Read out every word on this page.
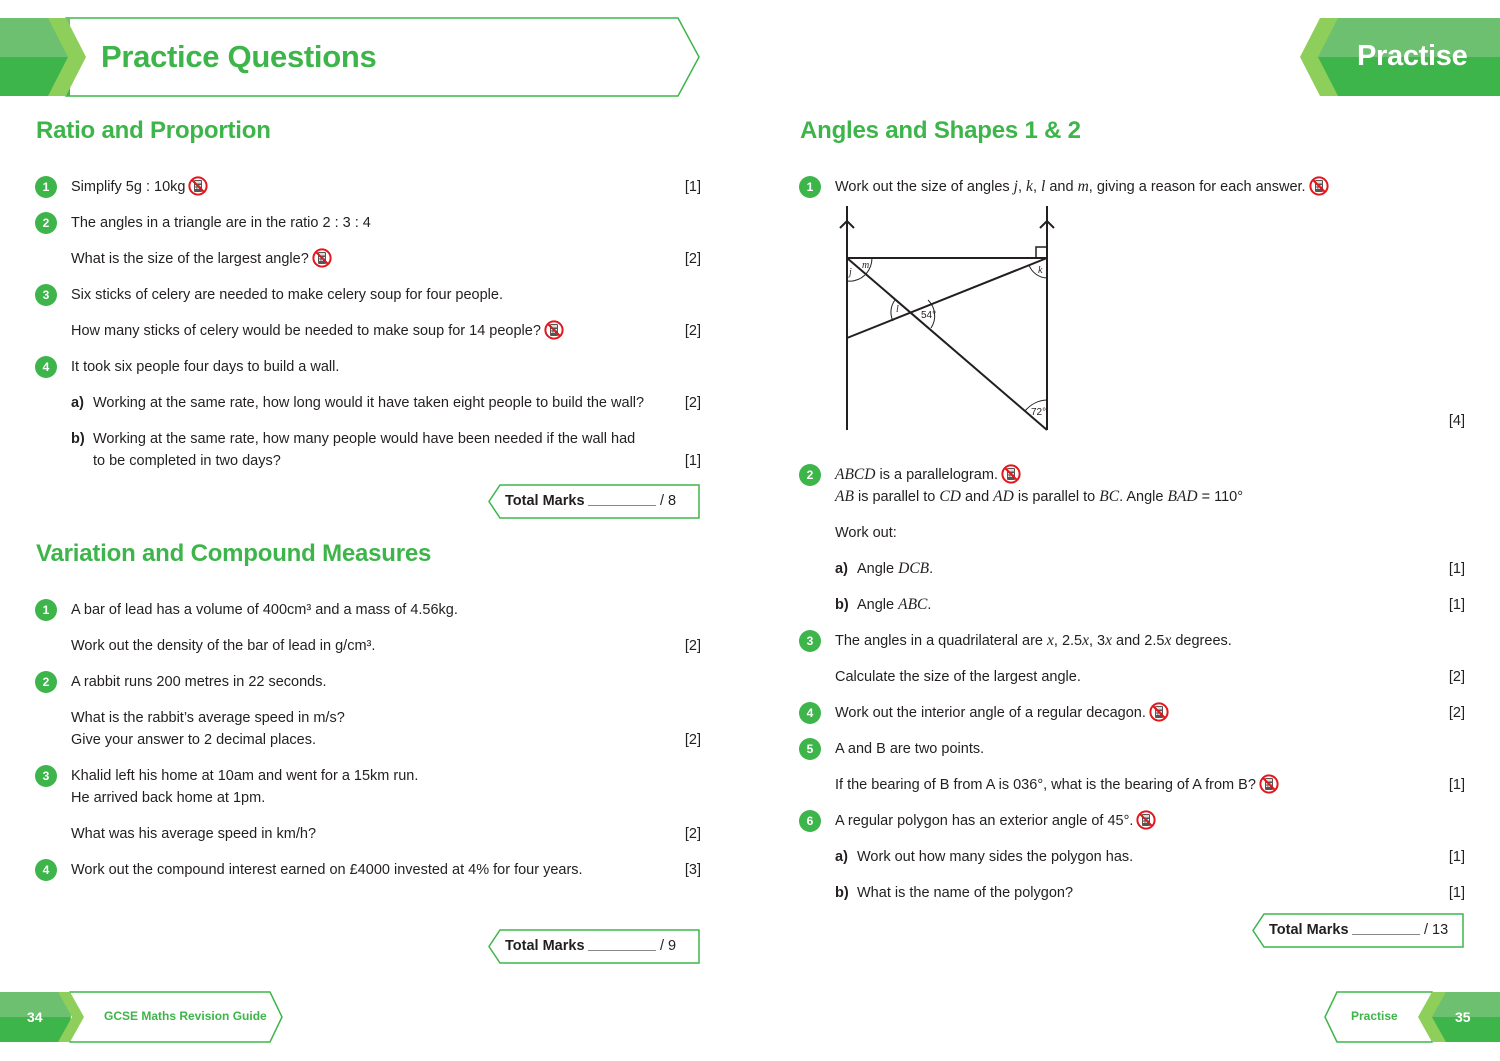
Practice Questions	Practise
Ratio and Proportion
Variation and Compound Measures
Angles and Shapes 1 & 2
1	Simplify 5g : 10kg	[1]
2	The angles in a triangle are in the ratio 2 : 3 : 4
What is the size of the largest angle?	[2]
3	Six sticks of celery are needed to make celery soup for four people.
How many sticks of celery would be needed to make soup for 14 people?	[2]
4	It took six people four days to build a wall.
a) Working at the same rate, how long would it have taken eight people to build the wall?	[2]
b) Working at the same rate, how many people would have been needed if the wall had
to be completed in two days?	[1]
1	A bar of lead has a volume of 400cm³ and a mass of 4.56kg.
Work out the density of the bar of lead in g/cm³.	[2]
2	A rabbit runs 200 metres in 22 seconds.
What is the rabbit’s average speed in m/s?
Give your answer to 2 decimal places.	[2]
3	Khalid left his home at 10am and went for a 15km run.
He arrived back home at 1pm.
What was his average speed in km/h?	[2]
4	Work out the compound interest earned on £4000 invested at 4% for four years.	[3]
1	Work out the size of angles j, k, l and m, giving a reason for each answer.
2	ABCD is a parallelogram.
AB is parallel to CD and AD is parallel to BC. Angle BAD = 110°
Work out:
a) Angle DCB.	[1]
b) Angle ABC.	[1]
3	The angles in a quadrilateral are x, 2.5x, 3x and 2.5x degrees.
Calculate the size of the largest angle.	[2]
4	Work out the interior angle of a regular decagon.	[2]
5	A and B are two points.
If the bearing of B from A is 036°, what is the bearing of A from B?	[1]
6	A regular polygon has an exterior angle of 45°.
a) Work out how many sides the polygon has.	[1]
b) What is the name of the polygon?	[1]
[4]
j
m	k
l
54°
72°
Total Marks	/ 8
Total Marks	/ 9
Total Marks	/ 13
34	GCSE Maths Revision Guide	Practise	35
